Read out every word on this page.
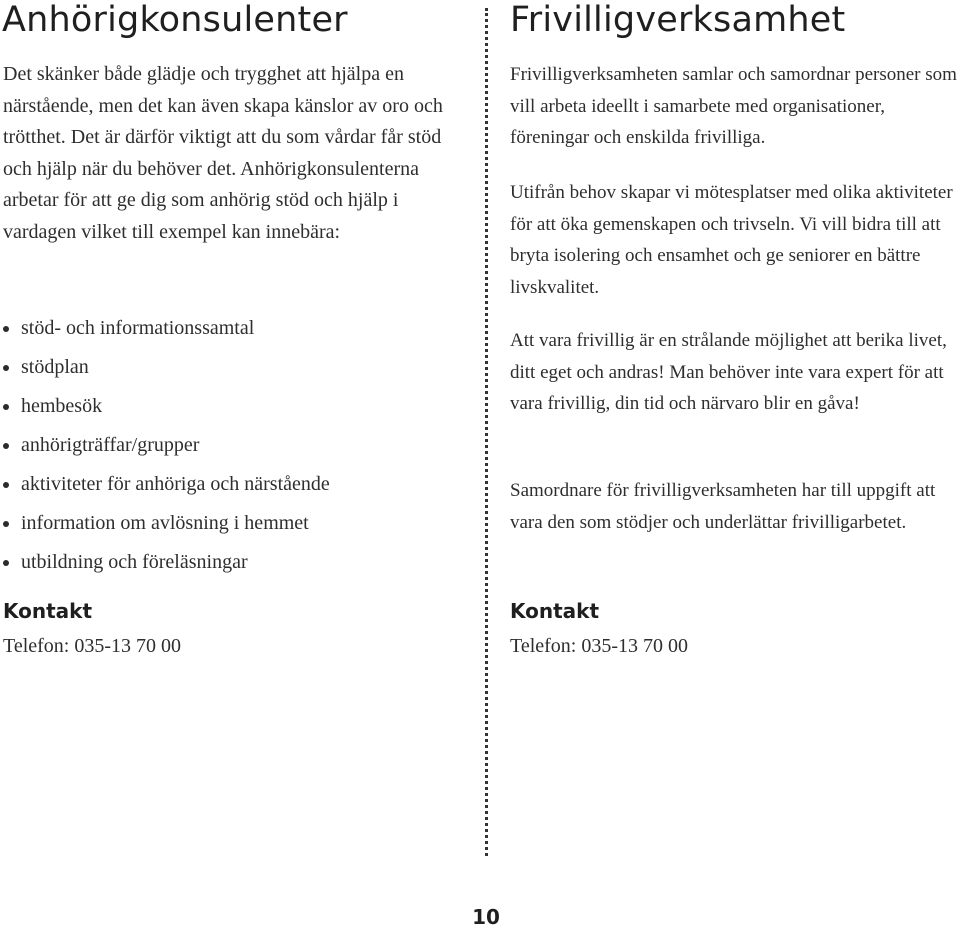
Anhörigkonsulenter

Det skänker både glädje och trygghet att hjälpa en närstående, men det kan även skapa känslor av oro och trötthet. Det är därför viktigt att du som vårdar får stöd och hjälp när du behöver det. Anhörigkonsulenterna arbetar för att ge dig som anhörig stöd och hjälp i vardagen vilket till exempel kan innebära:

stöd- och informationssamtal
stödplan
hembesök
anhörigträffar/grupper
aktiviteter för anhöriga och närstående
information om avlösning i hemmet
utbildning och föreläsningar
Kontakt

Telefon: 035-13 70 00

Frivilligverksamhet

Frivilligverksamheten samlar och samordnar personer som vill arbeta ideellt i samarbete med organisationer, föreningar och enskilda frivilliga.

Utifrån behov skapar vi mötesplatser med olika aktiviteter för att öka gemenskapen och trivseln. Vi vill bidra till att bryta isolering och ensamhet och ge seniorer en bättre livskvalitet.

Att vara frivillig är en strålande möjlighet att berika livet, ditt eget och andras! Man behöver inte vara expert för att vara frivillig, din tid och närvaro blir en gåva!

Samordnare för frivilligverksamheten har till uppgift att vara den som stödjer och underlättar frivilligarbetet.

Kontakt

Telefon: 035-13 70 00

10
